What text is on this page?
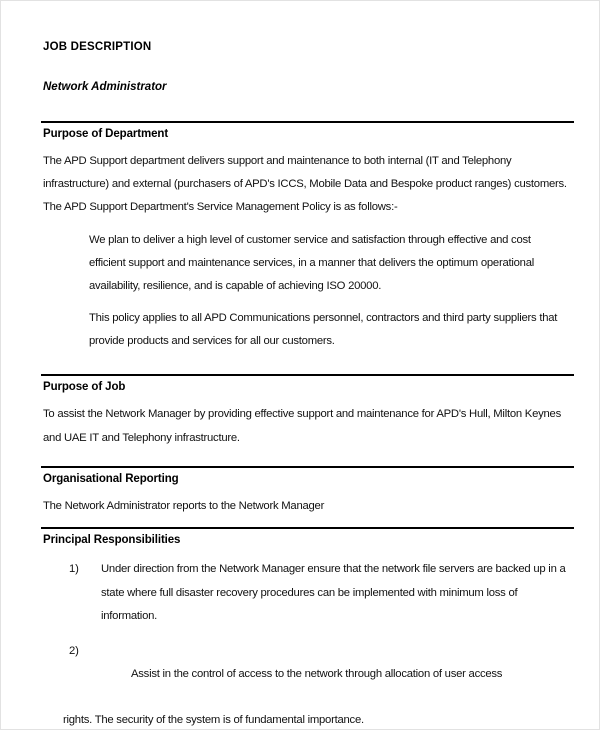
JOB DESCRIPTION
Network Administrator
Purpose of Department
The APD Support department delivers support and maintenance to both internal (IT and Telephony infrastructure) and external (purchasers of APD's ICCS, Mobile Data and Bespoke product ranges) customers. The APD Support Department's Service Management Policy is as follows:-
We plan to deliver a high level of customer service and satisfaction through effective and cost efficient support and maintenance services, in a manner that delivers the optimum operational availability, resilience, and is capable of achieving ISO 20000.
This policy applies to all APD Communications personnel, contractors and third party suppliers that provide products and services for all our customers.
Purpose of Job
To assist the Network Manager by providing effective support and maintenance for APD's Hull, Milton Keynes and UAE IT and Telephony infrastructure.
Organisational Reporting
The Network Administrator reports to the Network Manager
Principal Responsibilities
1)	Under direction from the Network Manager ensure that the network file servers are backed up in a state where full disaster recovery procedures can be implemented with minimum loss of information.
2)

Assist in the control of access to the network through allocation of user access

rights. The security of the system is of fundamental importance.
